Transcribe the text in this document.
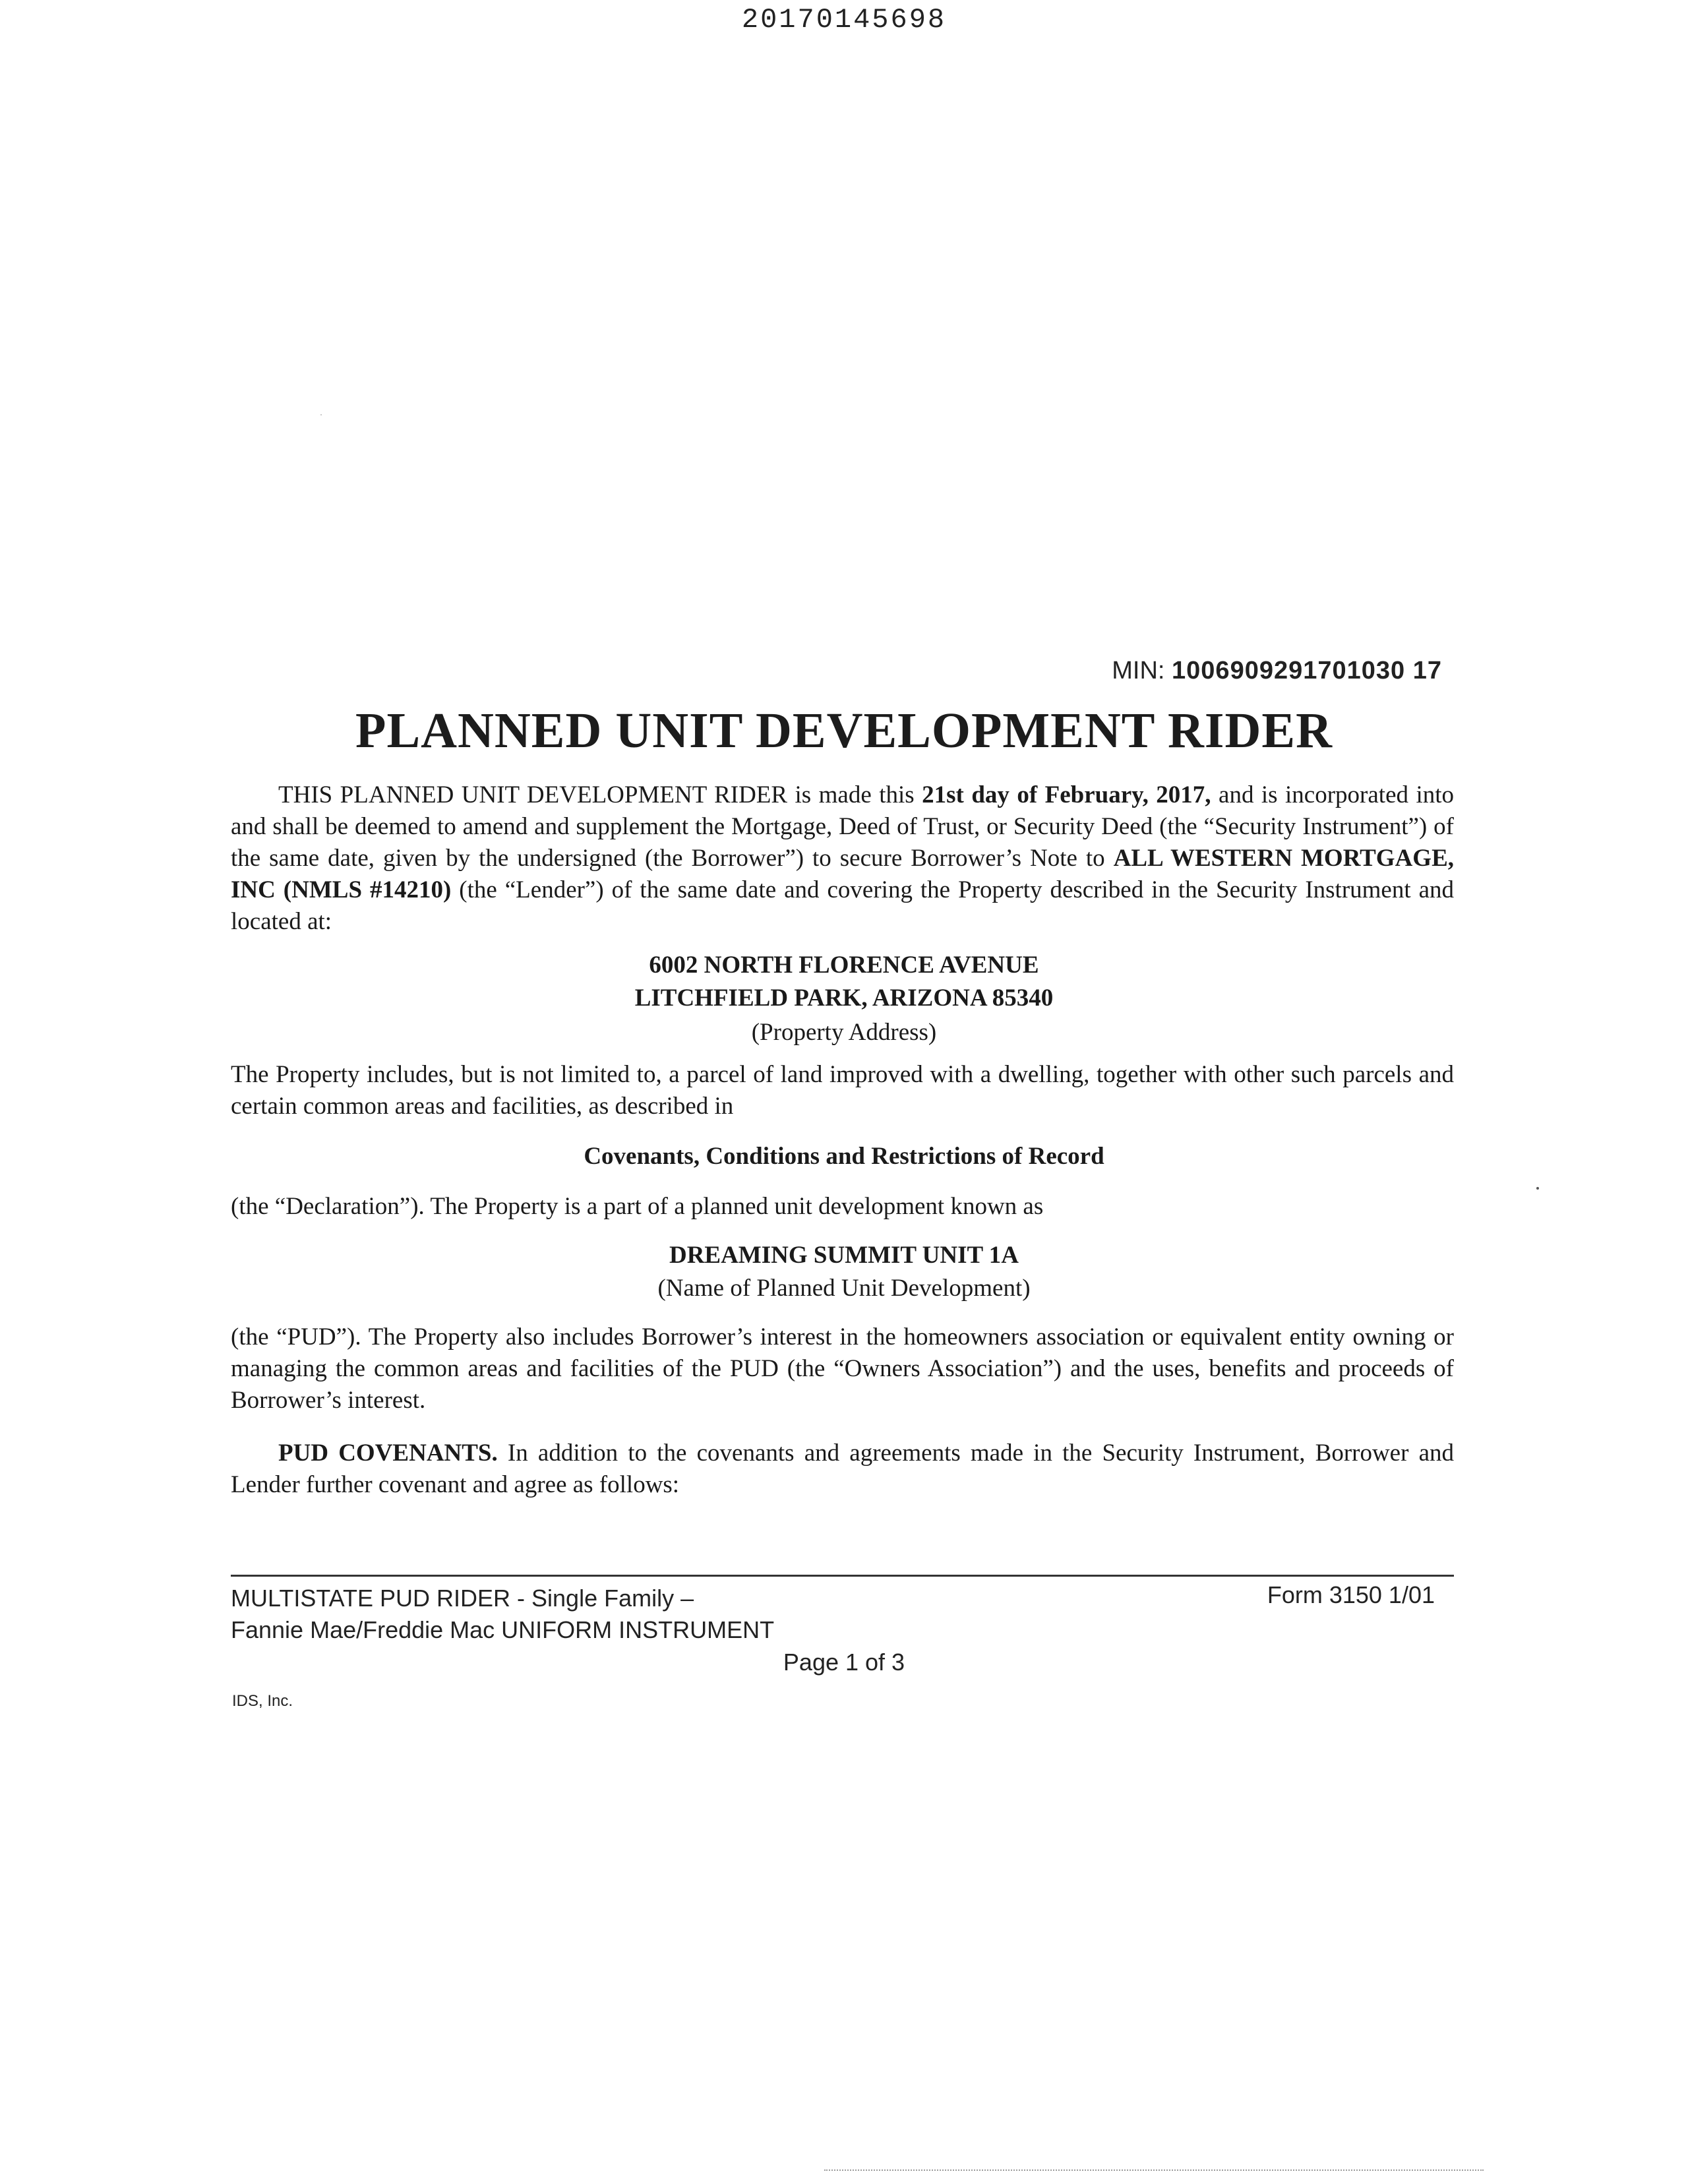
20170145698
MIN: 1006909291701030 17
PLANNED UNIT DEVELOPMENT RIDER
THIS PLANNED UNIT DEVELOPMENT RIDER is made this 21st day of February, 2017, and is incorporated into and shall be deemed to amend and supplement the Mortgage, Deed of Trust, or Security Deed (the “Security Instrument”) of the same date, given by the undersigned (the Borrower”) to secure Borrower’s Note to ALL WESTERN MORTGAGE, INC (NMLS #14210) (the “Lender”) of the same date and covering the Property described in the Security Instrument and located at:
6002 NORTH FLORENCE AVENUE
LITCHFIELD PARK, ARIZONA 85340
(Property Address)
The Property includes, but is not limited to, a parcel of land improved with a dwelling, together with other such parcels and certain common areas and facilities, as described in
Covenants, Conditions and Restrictions of Record
(the “Declaration”). The Property is a part of a planned unit development known as
DREAMING SUMMIT UNIT 1A
(Name of Planned Unit Development)
(the “PUD”). The Property also includes Borrower’s interest in the homeowners association or equivalent entity owning or managing the common areas and facilities of the PUD (the “Owners Association”) and the uses, benefits and proceeds of Borrower’s interest.
PUD COVENANTS. In addition to the covenants and agreements made in the Security Instrument, Borrower and Lender further covenant and agree as follows:
MULTISTATE PUD RIDER - Single Family –
Fannie Mae/Freddie Mac UNIFORM INSTRUMENT
Form 3150 1/01
Page 1 of 3
IDS, Inc.
